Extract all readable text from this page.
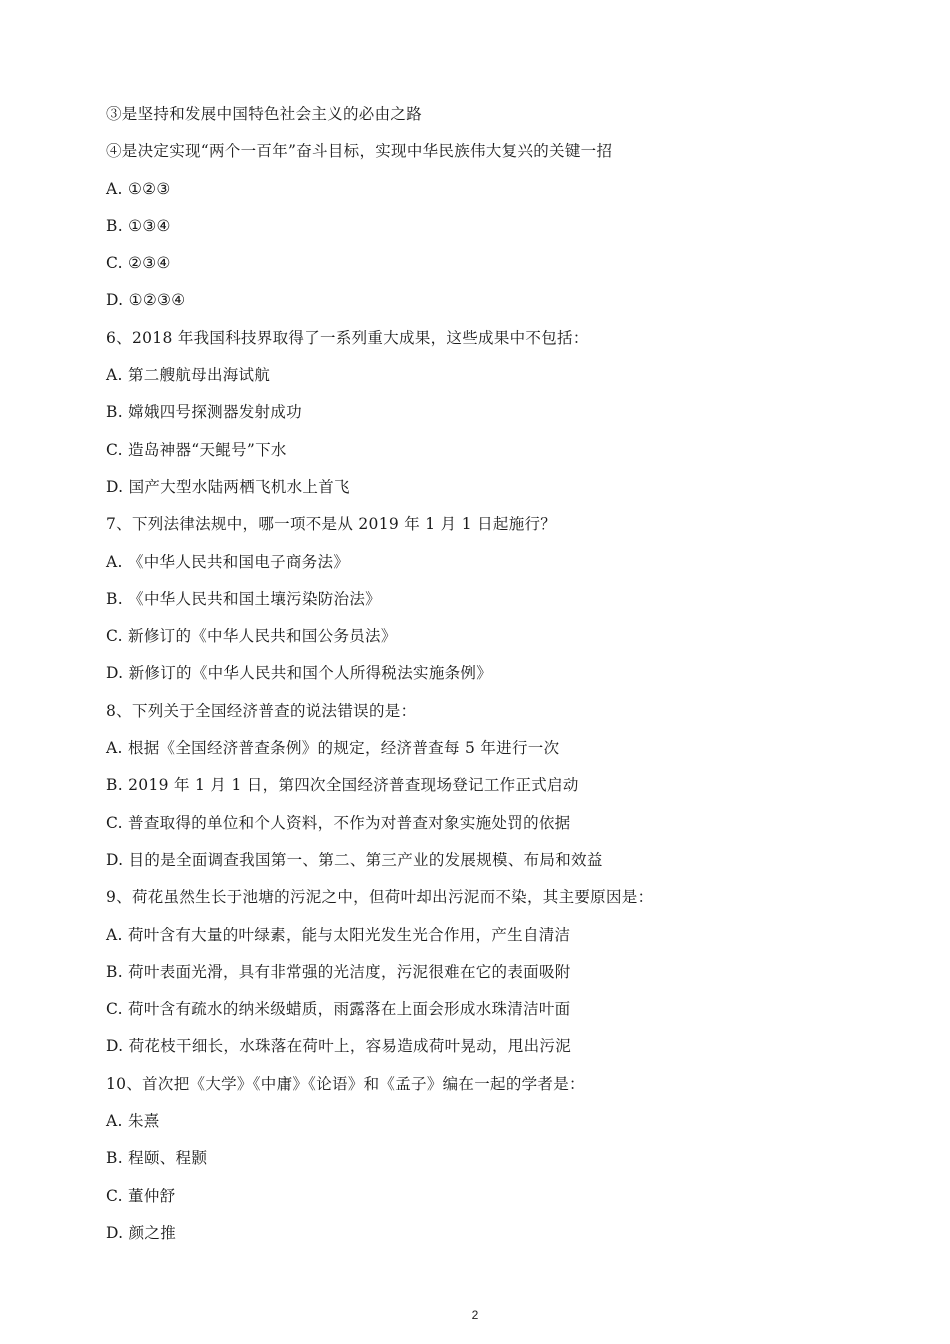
③是坚持和发展中国特色社会主义的必由之路
④是决定实现“两个一百年”奋斗目标，实现中华民族伟大复兴的关键一招
A. ①②③
B. ①③④
C. ②③④
D. ①②③④
6、2018 年我国科技界取得了一系列重大成果，这些成果中不包括：
A. 第二艘航母出海试航
B. 嫦娥四号探测器发射成功
C. 造岛神器“天鲲号”下水
D. 国产大型水陆两栖飞机水上首飞
7、下列法律法规中，哪一项不是从 2019 年 1 月 1 日起施行？
A. 《中华人民共和国电子商务法》
B. 《中华人民共和国土壤污染防治法》
C. 新修订的《中华人民共和国公务员法》
D. 新修订的《中华人民共和国个人所得税法实施条例》
8、下列关于全国经济普查的说法错误的是：
A. 根据《全国经济普查条例》的规定，经济普查每 5 年进行一次
B. 2019 年 1 月 1 日，第四次全国经济普查现场登记工作正式启动
C. 普查取得的单位和个人资料，不作为对普查对象实施处罚的依据
D. 目的是全面调查我国第一、第二、第三产业的发展规模、布局和效益
9、荷花虽然生长于池塘的污泥之中，但荷叶却出污泥而不染，其主要原因是：
A. 荷叶含有大量的叶绿素，能与太阳光发生光合作用，产生自清洁
B. 荷叶表面光滑，具有非常强的光洁度，污泥很难在它的表面吸附
C. 荷叶含有疏水的纳米级蜡质，雨露落在上面会形成水珠清洁叶面
D. 荷花枝干细长，水珠落在荷叶上，容易造成荷叶晃动，甩出污泥
10、首次把《大学》《中庸》《论语》和《孟子》编在一起的学者是：
A. 朱熹
B. 程颐、程颢
C. 董仲舒
D. 颜之推
2
